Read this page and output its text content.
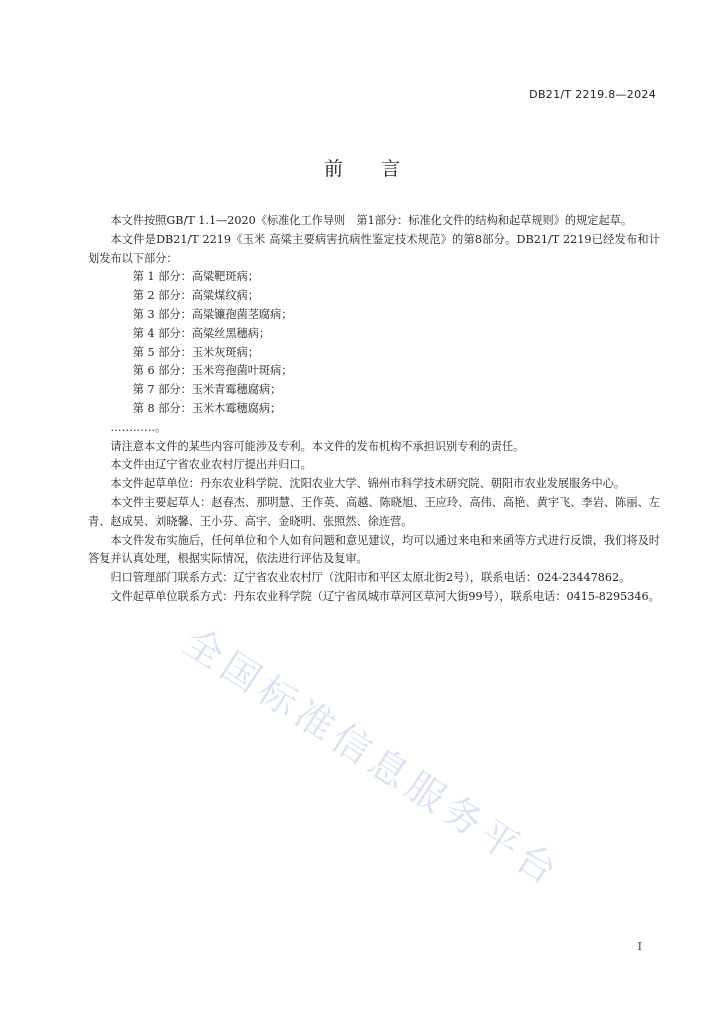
DB21/T 2219.8—2024
前 言

本文件按照GB/T 1.1—2020《标准化工作导则　第1部分：标准化文件的结构和起草规则》的规定起草。

本文件是DB21/T 2219《玉米 高粱主要病害抗病性鉴定技术规范》的第8部分。DB21/T 2219已经发布和计划发布以下部分：

第 1 部分：高粱靶斑病；
第 2 部分：高粱煤纹病；
第 3 部分：高粱镰孢菌茎腐病；
第 4 部分：高粱丝黑穗病；
第 5 部分：玉米灰斑病；
第 6 部分：玉米弯孢菌叶斑病；
第 7 部分：玉米青霉穗腐病；
第 8 部分：玉米木霉穗腐病；

…………。

请注意本文件的某些内容可能涉及专利。本文件的发布机构不承担识别专利的责任。

本文件由辽宁省农业农村厅提出并归口。

本文件起草单位：丹东农业科学院、沈阳农业大学、锦州市科学技术研究院、朝阳市农业发展服务中心。

本文件主要起草人：赵春杰、那明慧、王作英、高越、陈晓旭、王应玲、高伟、高艳、黄宇飞、李岩、陈丽、左青、赵成昊、刘晓馨、王小芬、高宇、金晓明、张照然、徐连营。

本文件发布实施后，任何单位和个人如有问题和意见建议，均可以通过来电和来函等方式进行反馈，我们将及时答复并认真处理，根据实际情况，依法进行评估及复审。

归口管理部门联系方式：辽宁省农业农村厅（沈阳市和平区太原北街2号），联系电话：024-23447862。

文件起草单位联系方式：丹东农业科学院（辽宁省凤城市草河区草河大街99号），联系电话：0415-8295346。

全国标准信息服务平台
I
